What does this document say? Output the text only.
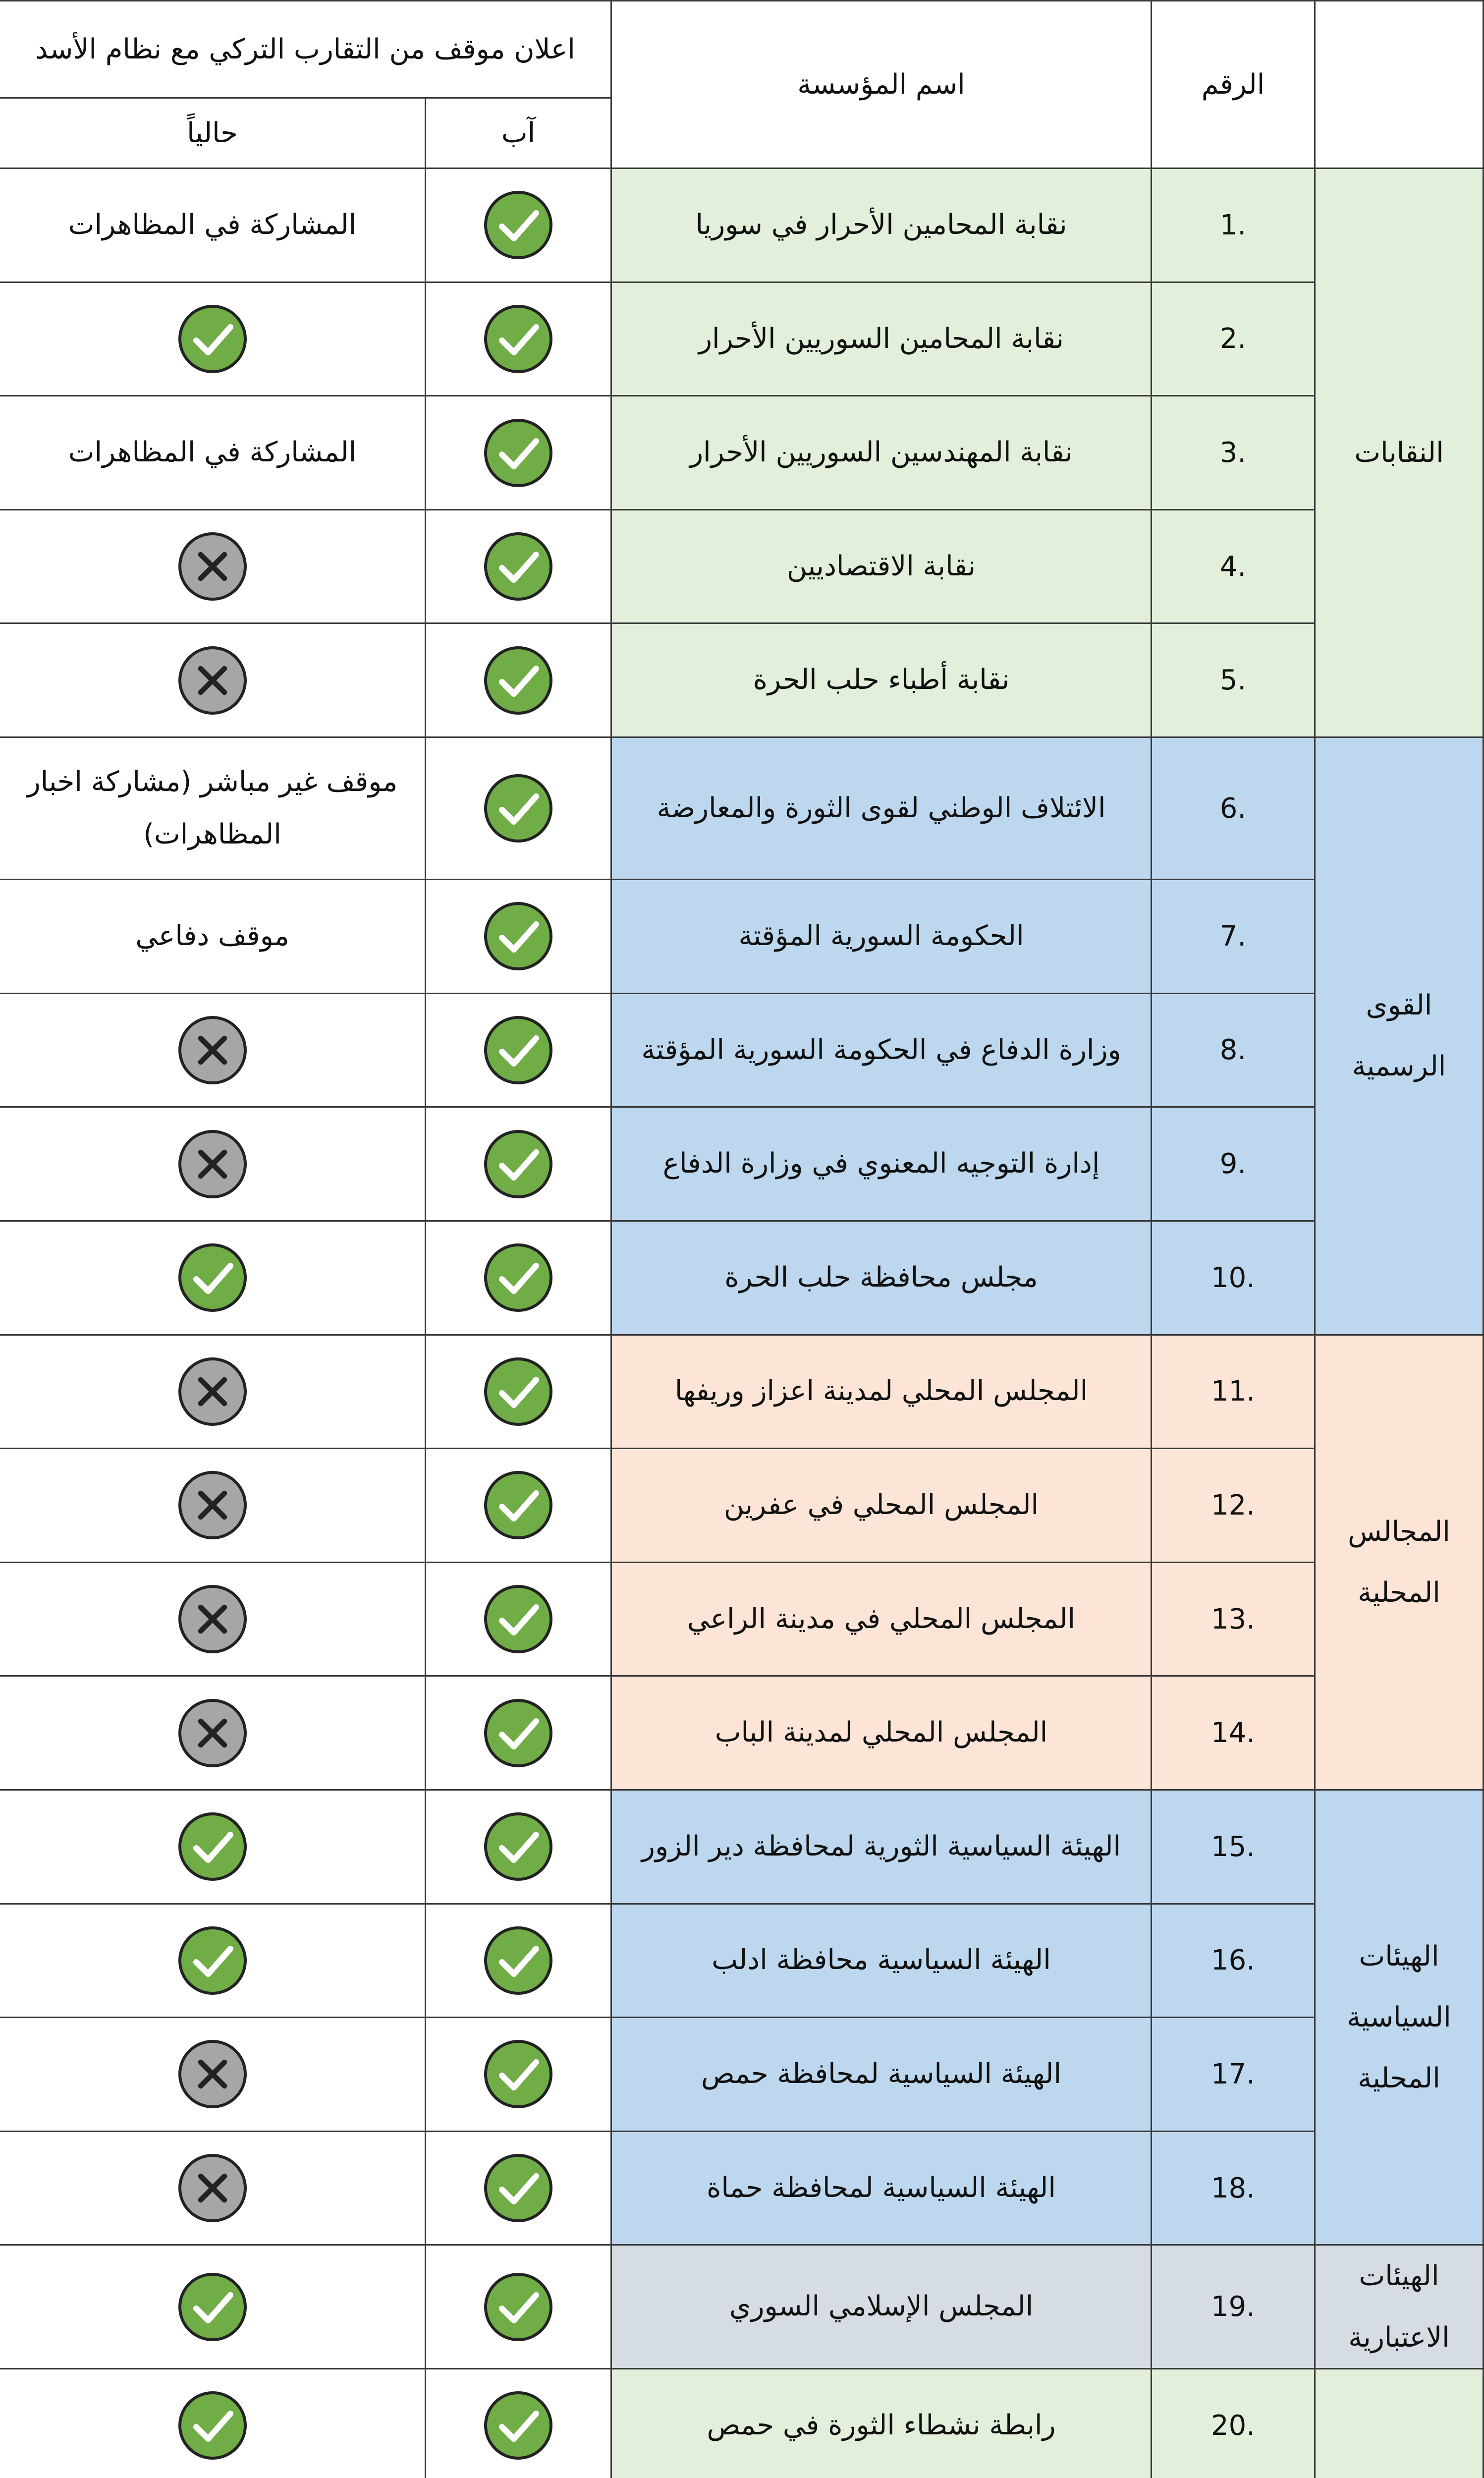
	الرقم	اسم المؤسسة	اعلان موقف من التقارب التركي مع نظام الأسد	
			آب	حالياً
النقابات	1.	نقابة المحامين الأحرار في سوريا		المشاركة في المظاهرات
	2.	نقابة المحامين السوريين الأحرار	

	3.	نقابة المهندسين السوريين الأحرار		المشاركة في المظاهرات
	4.	نقابة الاقتصاديين	

	5.	نقابة أطباء حلب الحرة	

القوى الرسمية	6.	الائتلاف الوطني لقوى الثورة والمعارضة		موقف غير مباشر (مشاركة اخبار المظاهرات)
	7.	الحكومة السورية المؤقتة		موقف دفاعي
	8.	وزارة الدفاع في الحكومة السورية المؤقتة	

	9.	إدارة التوجيه المعنوي في وزارة الدفاع	

	10.	مجلس محافظة حلب الحرة	

المجالس المحلية	11.	المجلس المحلي لمدينة اعزاز وريفها	

	12.	المجلس المحلي في عفرين	

	13.	المجلس المحلي في مدينة الراعي	

	14.	المجلس المحلي لمدينة الباب	

الهيئات السياسية المحلية	15.	الهيئة السياسية الثورية لمحافظة دير الزور	

	16.	الهيئة السياسية محافظة ادلب	

	17.	الهيئة السياسية لمحافظة حمص	

	18.	الهيئة السياسية لمحافظة حماة	

الهيئات الاعتبارية	19.	المجلس الإسلامي السوري	

	20.	رابطة نشطاء الثورة في حمص	
